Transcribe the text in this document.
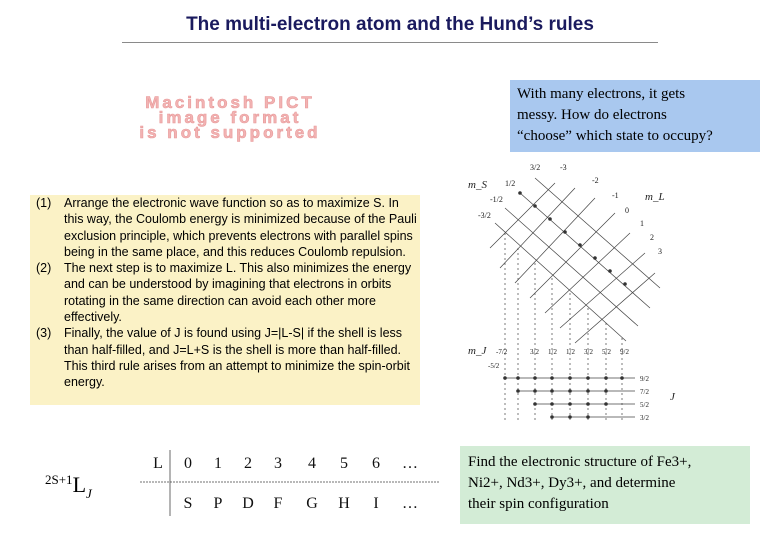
The multi-electron atom and the Hund’s rules
Macintosh PICT
image format
is not supported
With many electrons, it gets
messy. How do electrons
“choose” which state to occupy?
(1) Arrange the electronic wave function so as to maximize S. In this way, the Coulomb energy is minimized because of the Pauli exclusion principle, which prevents electrons with parallel spins being in the same place, and this reduces Coulomb repulsion.
(2) The next step is to maximize L. This also minimizes the energy and can be understood by imagining that electrons in orbits rotating in the same direction can avoid each other more effectively.
(3) Finally, the value of J is found using J=|L-S| if the shell is less than half-filled, and J=L+S is the shell is more than half-filled. This third rule arises from an attempt to minimize the spin-orbit energy.
3/2
1/2
-1/2
-3/2
m_S
m_L
-3
-2
-1
0
1
2
3
m_J -7/2
-5/2
3/2 1/2 1/2 3/2 5/2 9/2
9/2
7/2
5/2
3/2
J
$^{2S+1}L_J$
L 0 1 2 3 4 5 6 …
S P D F G H I …
Find the electronic structure of Fe3+,
Ni2+, Nd3+, Dy3+, and determine
their spin configuration
